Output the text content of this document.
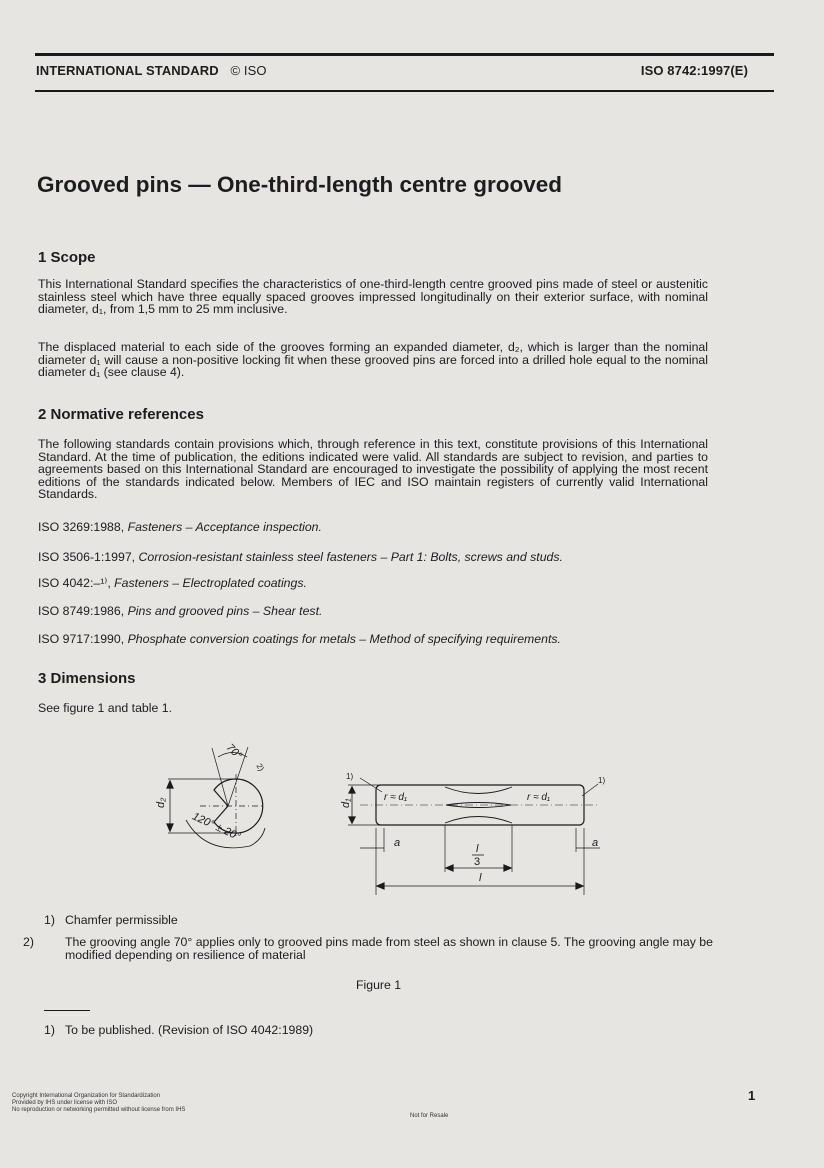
INTERNATIONAL STANDARD © ISO	ISO 8742:1997(E)
Grooved pins — One-third-length centre grooved
1 Scope

This International Standard specifies the characteristics of one-third-length centre grooved pins made of steel or austenitic stainless steel which have three equally spaced grooves impressed longitudinally on their exterior surface, with nominal diameter, d₁, from 1,5 mm to 25 mm inclusive.

The displaced material to each side of the grooves forming an expanded diameter, d₂, which is larger than the nominal diameter d₁ will cause a non-positive locking fit when these grooved pins are forced into a drilled hole equal to the nominal diameter d₁ (see clause 4).

2 Normative references

The following standards contain provisions which, through reference in this text, constitute provisions of this International Standard. At the time of publication, the editions indicated were valid. All standards are subject to revision, and parties to agreements based on this International Standard are encouraged to investigate the possibility of applying the most recent editions of the standards indicated below. Members of IEC and ISO maintain registers of currently valid International Standards.

ISO 3269:1988, Fasteners – Acceptance inspection.

ISO 3506-1:1997, Corrosion-resistant stainless steel fasteners – Part 1: Bolts, screws and studs.

ISO 4042:–¹⁾, Fasteners – Electroplated coatings.

ISO 8749:1986, Pins and grooved pins – Shear test.

ISO 9717:1990, Phosphate conversion coatings for metals – Method of specifying requirements.

3 Dimensions

See figure 1 and table 1.

d₂
70°
2)
120° ± 20°
d₁
r ≈ d₁	r ≈ d₁
1)	1)
a	a
l
3
l

1) Chamfer permissible

2)	The grooving angle 70° applies only to grooved pins made from steel as shown in clause 5. The grooving angle may be modified depending on resilience of material

Figure 1

1) To be published. (Revision of ISO 4042:1989)

Copyright International Organization for Standardization
Provided by IHS under license with ISO
No reproduction or networking permitted without license from IHS
Not for Resale
1
